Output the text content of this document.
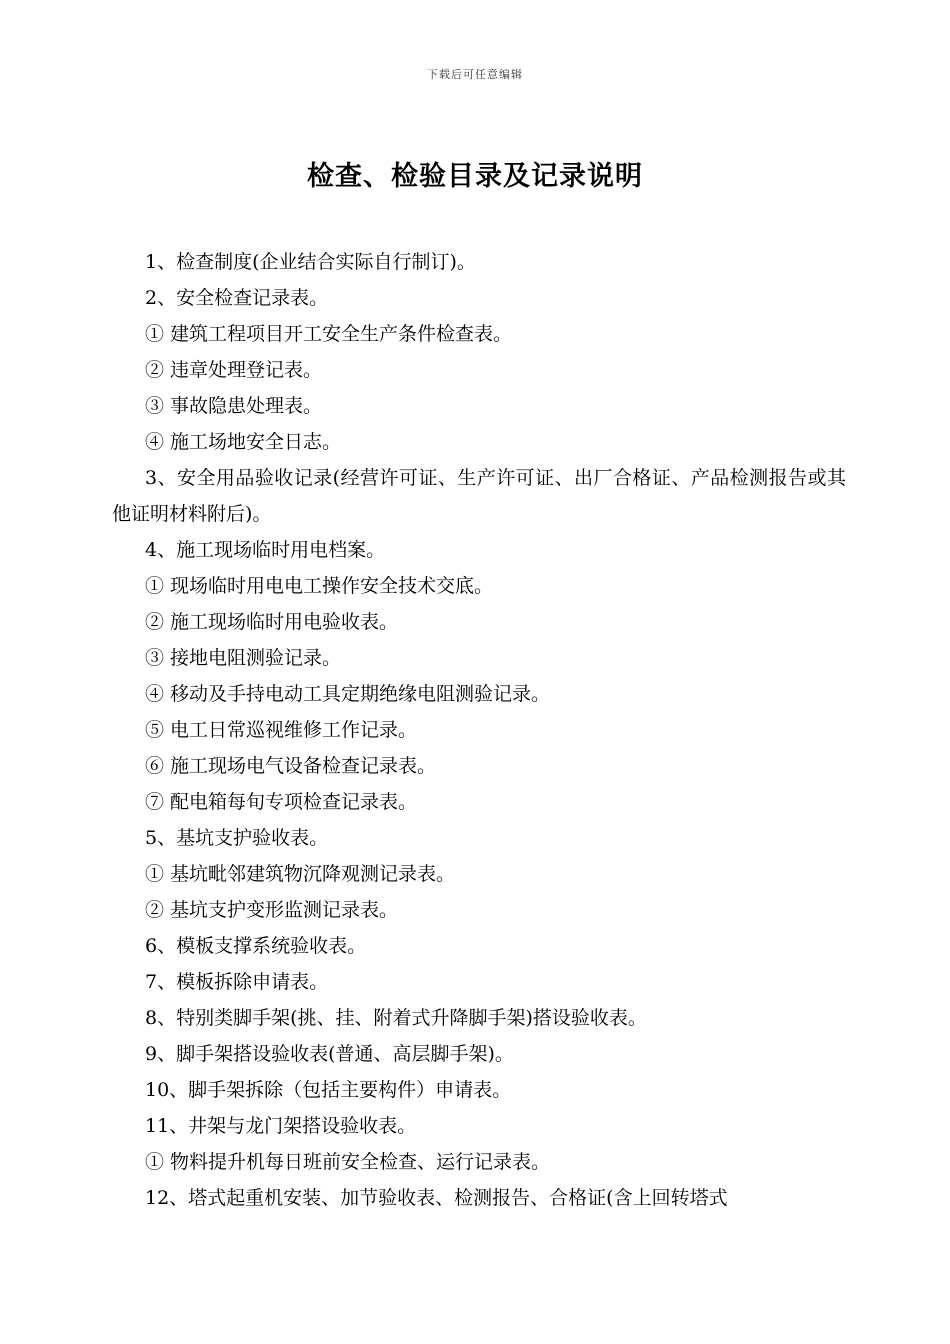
下载后可任意编辑
检查、检验目录及记录说明
1、检查制度(企业结合实际自行制订)。
2、安全检查记录表。
① 建筑工程项目开工安全生产条件检查表。
② 违章处理登记表。
③ 事故隐患处理表。
④ 施工场地安全日志。
3、安全用品验收记录(经营许可证、生产许可证、出厂合格证、产品检测报告或其他证明材料附后)。
4、施工现场临时用电档案。
① 现场临时用电电工操作安全技术交底。
② 施工现场临时用电验收表。
③ 接地电阻测验记录。
④ 移动及手持电动工具定期绝缘电阻测验记录。
⑤ 电工日常巡视维修工作记录。
⑥ 施工现场电气设备检查记录表。
⑦ 配电箱每旬专项检查记录表。
5、基坑支护验收表。
① 基坑毗邻建筑物沉降观测记录表。
② 基坑支护变形监测记录表。
6、模板支撑系统验收表。
7、模板拆除申请表。
8、特别类脚手架(挑、挂、附着式升降脚手架)搭设验收表。
9、脚手架搭设验收表(普通、高层脚手架)。
10、脚手架拆除（包括主要构件）申请表。
11、井架与龙门架搭设验收表。
① 物料提升机每日班前安全检查、运行记录表。
12、塔式起重机安装、加节验收表、检测报告、合格证(含上回转塔式
